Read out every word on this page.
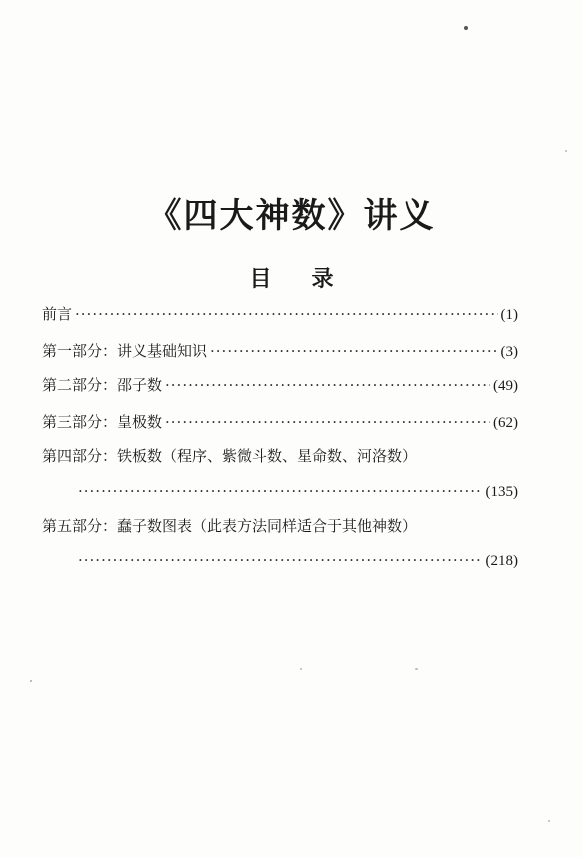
《四大神数》讲义
目录
前言 ·····	(1)
第一部分：讲义基础知识 ·····	(3)
第二部分：邵子数 ·····	(49)
第三部分：皇极数 ·····	(62)
第四部分：铁板数（程序、紫微斗数、星命数、河洛数）
·····
(135)
第五部分：蠢子数图表（此表方法同样适合于其他神数）
·····
(218)
